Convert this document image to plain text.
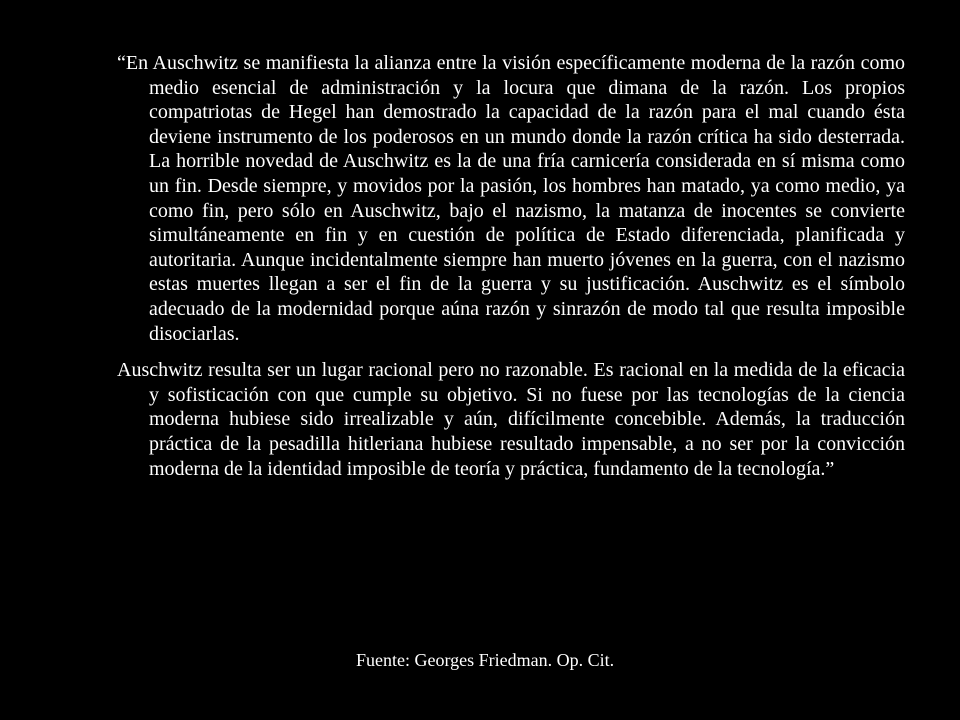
“En Auschwitz se manifiesta la alianza entre la visión específicamente moderna de la razón como medio esencial de administración y la locura que dimana de la razón. Los propios compatriotas de Hegel han demostrado la capacidad de la razón para el mal cuando ésta deviene instrumento de los poderosos en un mundo donde la razón crítica ha sido desterrada. La horrible novedad de Auschwitz es la de una fría carnicería considerada en sí misma como un fin. Desde siempre, y movidos por la pasión, los hombres han matado, ya como medio, ya como fin, pero sólo en Auschwitz, bajo el nazismo, la matanza de inocentes se convierte simultáneamente en fin y en cuestión de política de Estado diferenciada, planificada y autoritaria. Aunque incidentalmente siempre han muerto jóvenes en la guerra, con el nazismo estas muertes llegan a ser el fin de la guerra y su justificación. Auschwitz es el símbolo adecuado de la modernidad porque aúna razón y sinrazón de modo tal que resulta imposible disociarlas.

Auschwitz resulta ser un lugar racional pero no razonable. Es racional en la medida de la eficacia y sofisticación con que cumple su objetivo. Si no fuese por las tecnologías de la ciencia moderna hubiese sido irrealizable y aún, difícilmente concebible. Además, la traducción práctica de la pesadilla hitleriana hubiese resultado impensable, a no ser por la convicción moderna de la identidad imposible de teoría y práctica, fundamento de la tecnología.”

Fuente: Georges Friedman. Op. Cit.
